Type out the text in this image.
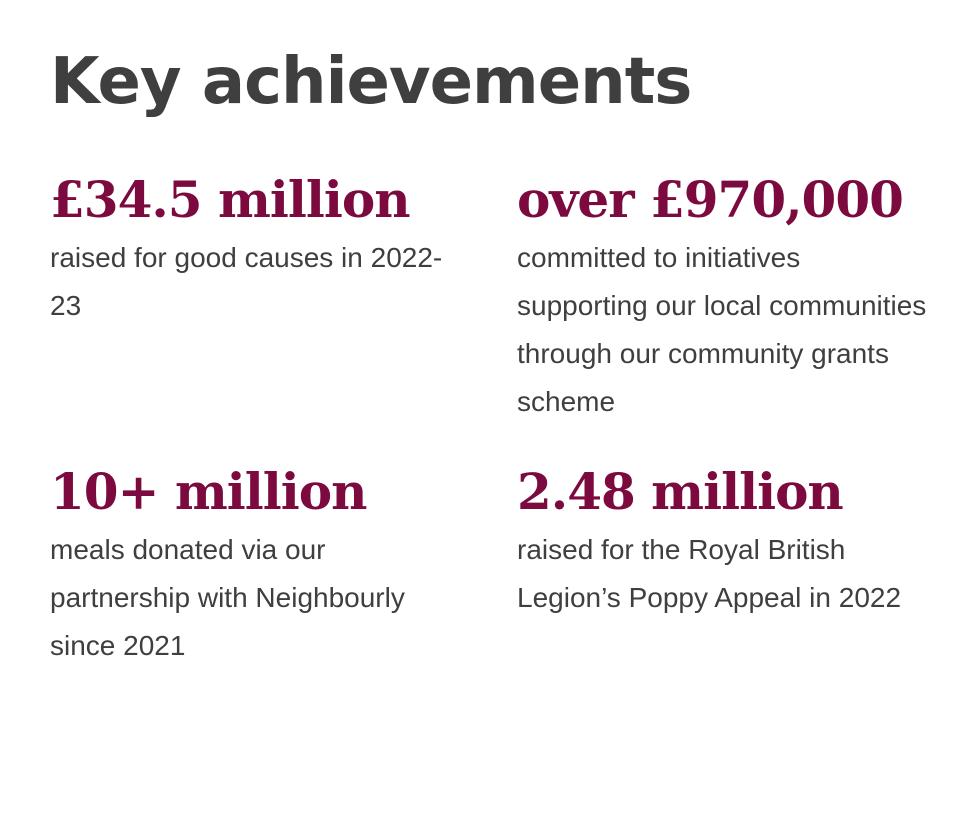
Key achievements

£34.5 million

raised for good causes in 2022-23

over £970,000

committed to initiatives supporting our local communities through our community grants scheme

10+ million

meals donated via our partnership with Neighbourly since 2021

2.48 million

raised for the Royal British Legion’s Poppy Appeal in 2022
